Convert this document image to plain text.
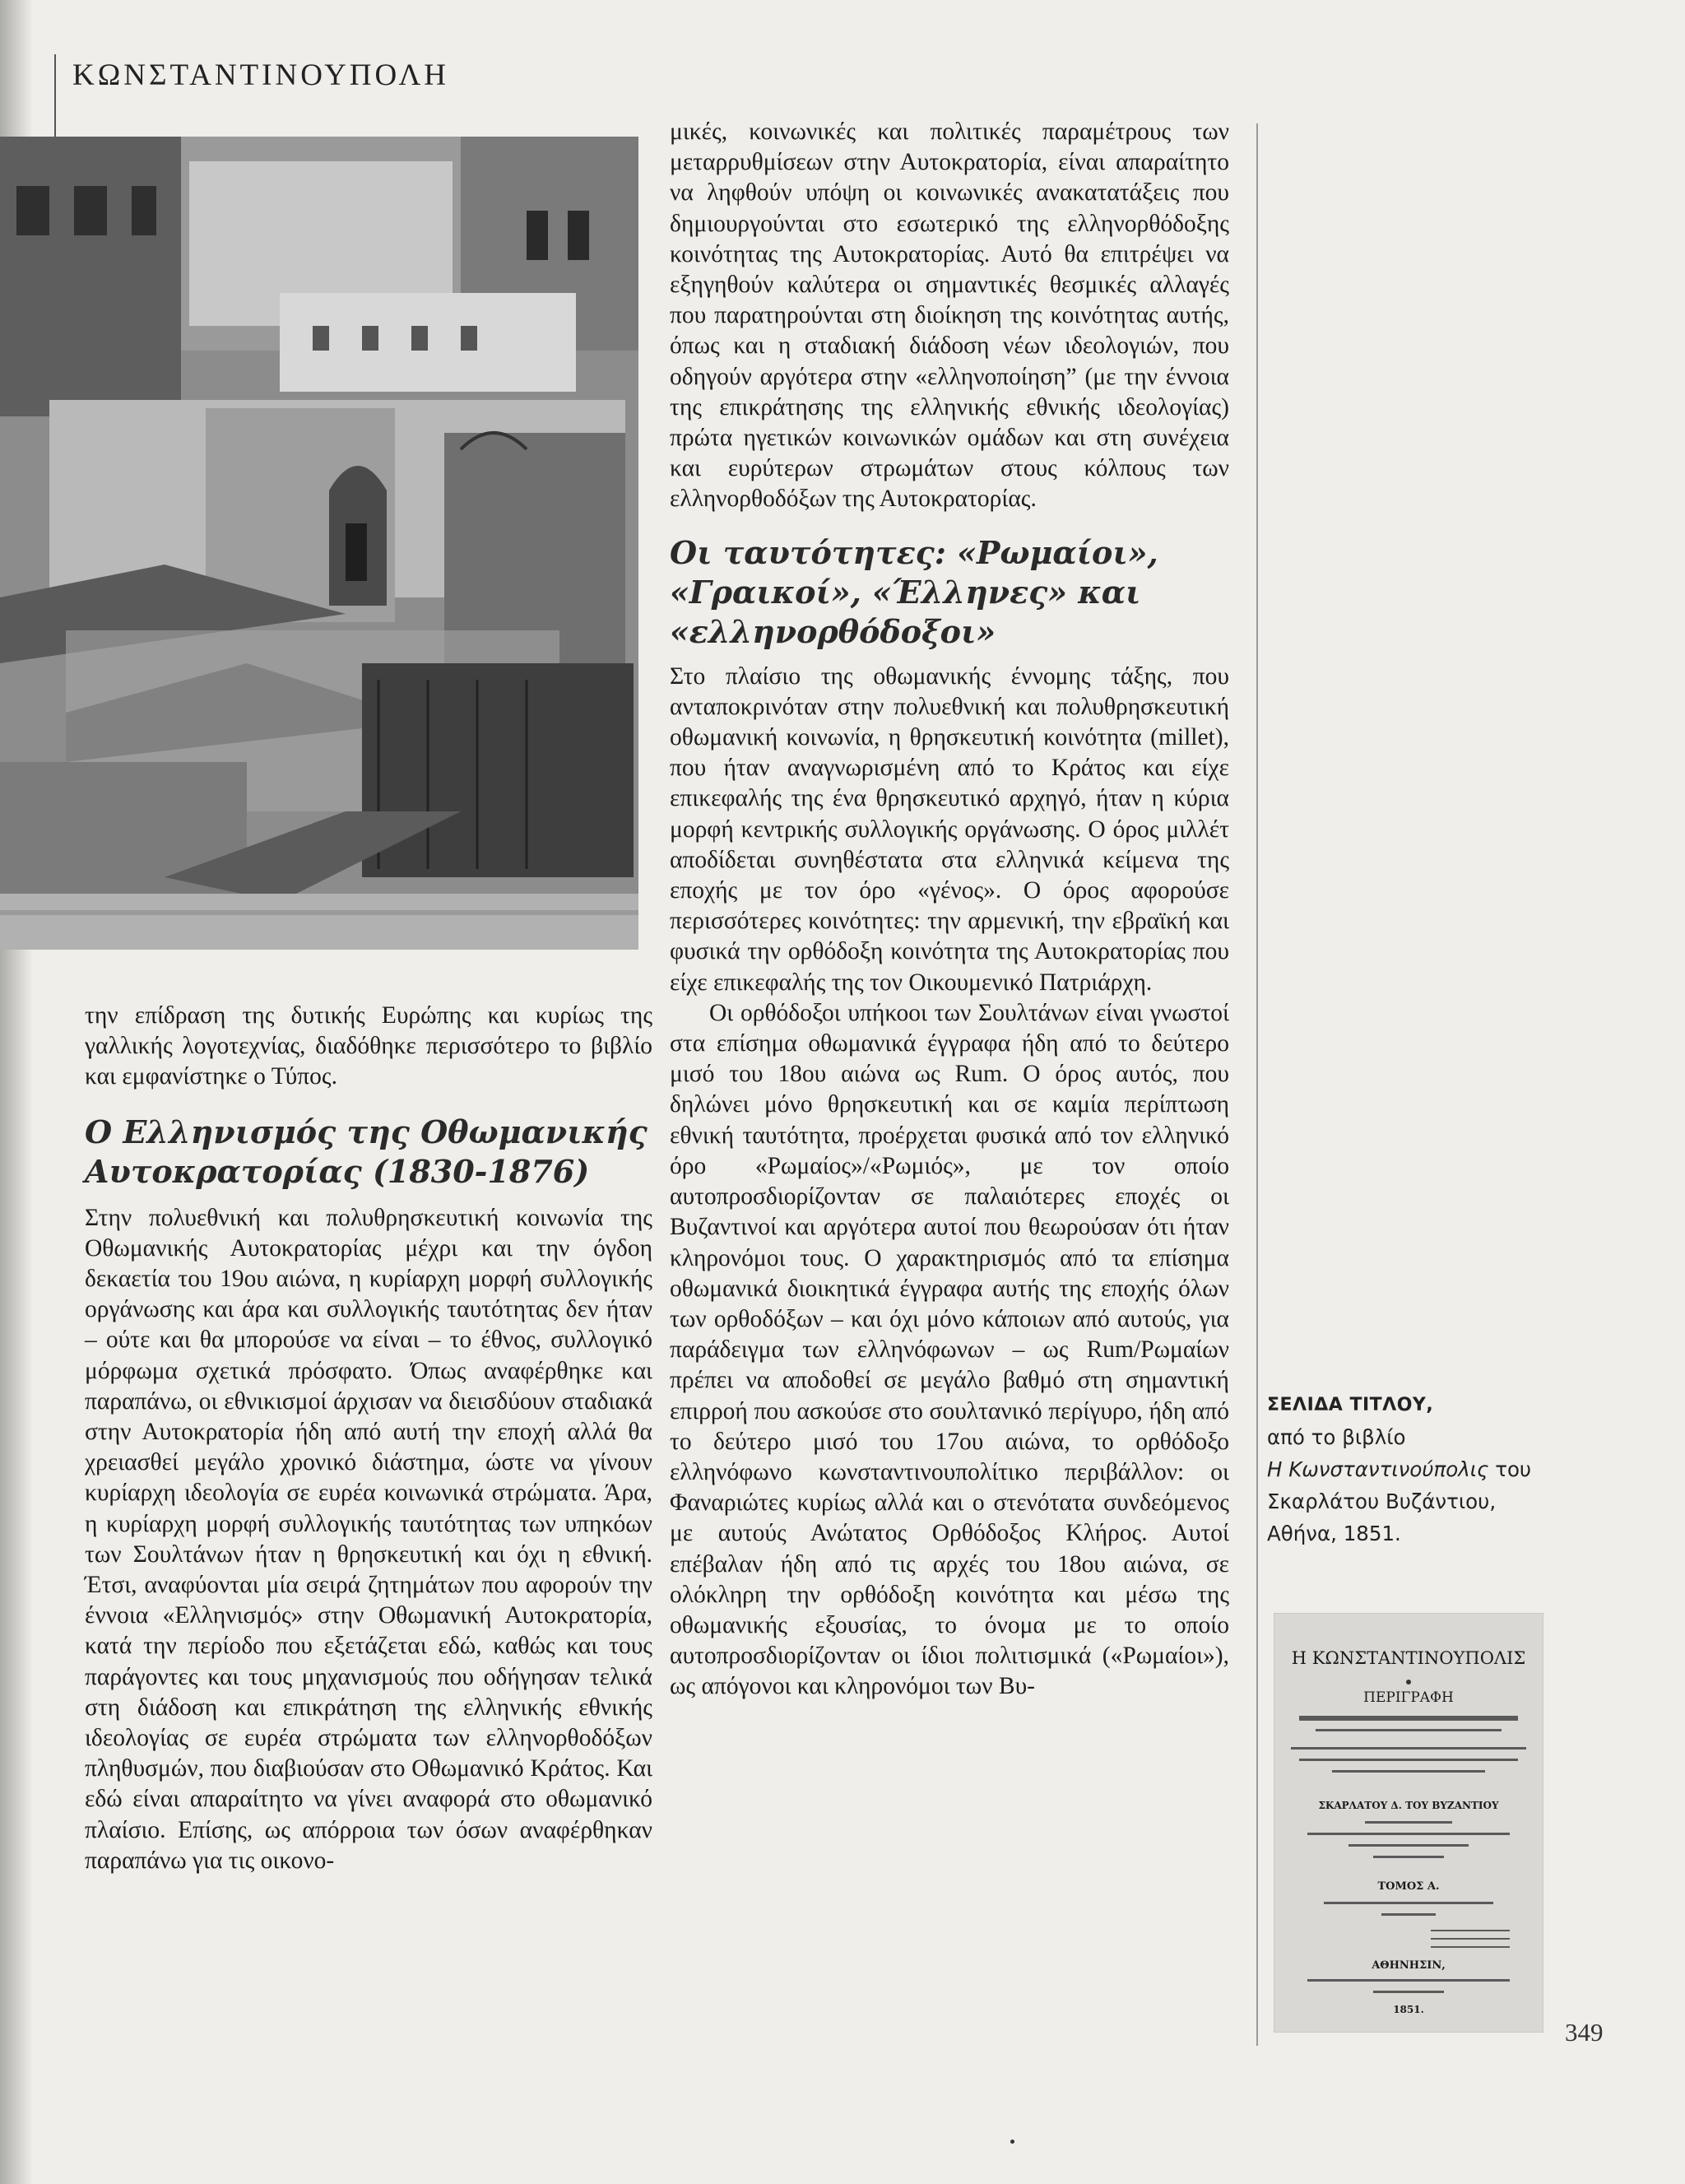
ΚΩΝΣΤΑΝΤΙΝΟΥΠΟΛΗ

την επίδραση της δυτικής Ευρώπης και κυρίως της γαλλικής λογοτεχνίας, διαδόθηκε περισσότερο το βιβλίο και εμφανίστηκε ο Τύπος.

Ο Ελληνισμός της Οθωμανικής Αυτοκρατορίας (1830-1876)

Στην πολυεθνική και πολυθρησκευτική κοινωνία της Οθωμανικής Αυτοκρατορίας μέχρι και την όγδοη δεκαετία του 19ου αιώνα, η κυρίαρχη μορφή συλλογικής οργάνωσης και άρα και συλλογικής ταυτότητας δεν ήταν – ούτε και θα μπορούσε να είναι – το έθνος, συλλογικό μόρφωμα σχετικά πρόσφατο. Όπως αναφέρθηκε και παραπάνω, οι εθνικισμοί άρχισαν να διεισδύουν σταδιακά στην Αυτοκρατορία ήδη από αυτή την εποχή αλλά θα χρειασθεί μεγάλο χρονικό διάστημα, ώστε να γίνουν κυρίαρχη ιδεολογία σε ευρέα κοινωνικά στρώματα. Άρα, η κυρίαρχη μορφή συλλογικής ταυτότητας των υπηκόων των Σουλτάνων ήταν η θρησκευτική και όχι η εθνική. Έτσι, αναφύονται μία σειρά ζητημάτων που αφορούν την έννοια «Ελληνισμός» στην Οθωμανική Αυτοκρατορία, κατά την περίοδο που εξετάζεται εδώ, καθώς και τους παράγοντες και τους μηχανισμούς που οδήγησαν τελικά στη διάδοση και επικράτηση της ελληνικής εθνικής ιδεολογίας σε ευρέα στρώματα των ελληνορθοδόξων πληθυσμών, που διαβιούσαν στο Οθωμανικό Κράτος. Και εδώ είναι απαραίτητο να γίνει αναφορά στο οθωμανικό πλαίσιο. Επίσης, ως απόρροια των όσων αναφέρθηκαν παραπάνω για τις οικονο-

μικές, κοινωνικές και πολιτικές παραμέτρους των μεταρρυθμίσεων στην Αυτοκρατορία, είναι απαραίτητο να ληφθούν υπόψη οι κοινωνικές ανακατατάξεις που δημιουργούνται στο εσωτερικό της ελληνορθόδοξης κοινότητας της Αυτοκρατορίας. Αυτό θα επιτρέψει να εξηγηθούν καλύτερα οι σημαντικές θεσμικές αλλαγές που παρατηρούνται στη διοίκηση της κοινότητας αυτής, όπως και η σταδιακή διάδοση νέων ιδεολογιών, που οδηγούν αργότερα στην «ελληνοποίηση” (με την έννοια της επικράτησης της ελληνικής εθνικής ιδεολογίας) πρώτα ηγετικών κοινωνικών ομάδων και στη συνέχεια και ευρύτερων στρωμάτων στους κόλπους των ελληνορθοδόξων της Αυτοκρατορίας.

Οι ταυτότητες: «Ρωμαίοι», «Γραικοί», «Έλληνες» και «ελληνορθόδοξοι»

Στο πλαίσιο της οθωμανικής έννομης τάξης, που ανταποκρινόταν στην πολυεθνική και πολυθρησκευτική οθωμανική κοινωνία, η θρησκευτική κοινότητα (millet), που ήταν αναγνωρισμένη από το Κράτος και είχε επικεφαλής της ένα θρησκευτικό αρχηγό, ήταν η κύρια μορφή κεντρικής συλλογικής οργάνωσης. Ο όρος μιλλέτ αποδίδεται συνηθέστατα στα ελληνικά κείμενα της εποχής με τον όρο «γένος». Ο όρος αφορούσε περισσότερες κοινότητες: την αρμενική, την εβραϊκή και φυσικά την ορθόδοξη κοινότητα της Αυτοκρατορίας που είχε επικεφαλής της τον Οικουμενικό Πατριάρχη.

Οι ορθόδοξοι υπήκοοι των Σουλτάνων είναι γνωστοί στα επίσημα οθωμανικά έγγραφα ήδη από το δεύτερο μισό του 18ου αιώνα ως Rum. Ο όρος αυτός, που δηλώνει μόνο θρησκευτική και σε καμία περίπτωση εθνική ταυτότητα, προέρχεται φυσικά από τον ελληνικό όρο «Ρωμαίος»/«Ρωμιός», με τον οποίο αυτοπροσδιορίζονταν σε παλαιότερες εποχές οι Βυζαντινοί και αργότερα αυτοί που θεωρούσαν ότι ήταν κληρονόμοι τους. Ο χαρακτηρισμός από τα επίσημα οθωμανικά διοικητικά έγγραφα αυτής της εποχής όλων των ορθοδόξων – και όχι μόνο κάποιων από αυτούς, για παράδειγμα των ελληνόφωνων – ως Rum/Ρωμαίων πρέπει να αποδοθεί σε μεγάλο βαθμό στη σημαντική επιρροή που ασκούσε στο σουλτανικό περίγυρο, ήδη από το δεύτερο μισό του 17ου αιώνα, το ορθόδοξο ελληνόφωνο κωνσταντινουπολίτικο περιβάλλον: οι Φαναριώτες κυρίως αλλά και ο στενότατα συνδεόμενος με αυτούς Ανώτατος Ορθόδοξος Κλήρος. Αυτοί επέβαλαν ήδη από τις αρχές του 18ου αιώνα, σε ολόκληρη την ορθόδοξη κοινότητα και μέσω της οθωμανικής εξουσίας, το όνομα με το οποίο αυτοπροσδιορίζονταν οι ίδιοι πολιτισμικά («Ρωμαίοι»), ως απόγονοι και κληρονόμοι των Βυ-

ΣΕΛΙΔΑ ΤΙΤΛΟΥ,
από το βιβλίο
Η Κωνσταντινούπολις του
Σκαρλάτου Βυζάντιου,
Αθήνα, 1851.
Η ΚΩΝΣΤΑΝΤΙΝΟΥΠΟΛΙΣ
ΠΕΡΙΓΡΑΦΗ
ΣΚΑΡΛΑΤΟΥ Δ. ΤΟΥ ΒΥΖΑΝΤΙΟΥ
ΤΟΜΟΣ Α.
ΑΘΗΝΗΣΙΝ,
1851.
349
